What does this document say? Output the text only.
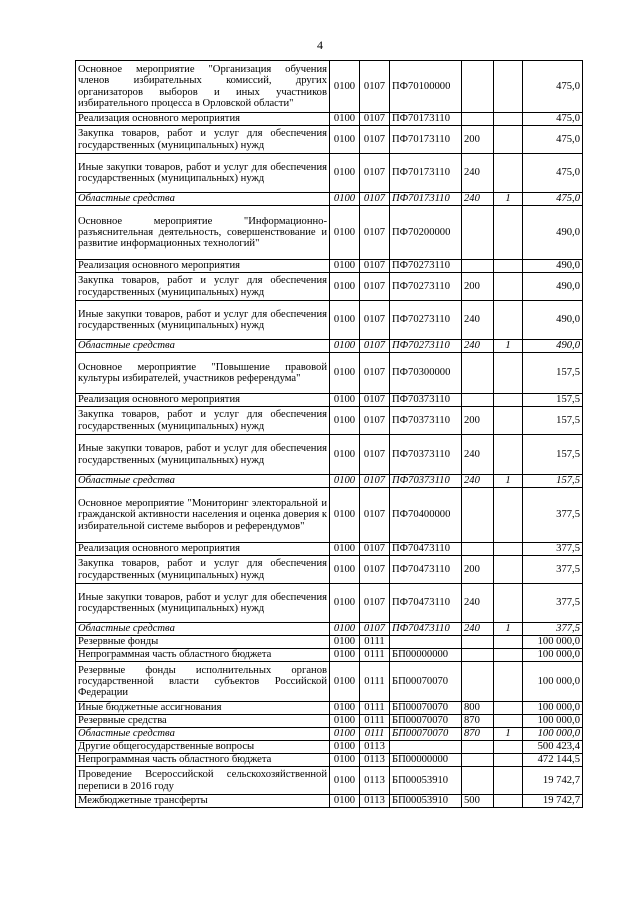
4
Основное мероприятие "Организация обучения членов избирательных комиссий, других организаторов выборов и иных участников избирательного процесса в Орловской области"	0100	0107	ПФ70100000			475,0
Реализация основного мероприятия	0100	0107	ПФ70173110			475,0
Закупка товаров, работ и услуг для обеспечения государственных (муниципальных) нужд	0100	0107	ПФ70173110	200		475,0
Иные закупки товаров, работ и услуг для обеспечения государственных (муниципальных) нужд	0100	0107	ПФ70173110	240		475,0
Областные средства	0100	0107	ПФ70173110	240	1	475,0
Основное мероприятие "Информационно-разъяснительная деятельность, совершенствование и развитие информационных технологий"	0100	0107	ПФ70200000			490,0
Реализация основного мероприятия	0100	0107	ПФ70273110			490,0
Закупка товаров, работ и услуг для обеспечения государственных (муниципальных) нужд	0100	0107	ПФ70273110	200		490,0
Иные закупки товаров, работ и услуг для обеспечения государственных (муниципальных) нужд	0100	0107	ПФ70273110	240		490,0
Областные средства	0100	0107	ПФ70273110	240	1	490,0
Основное мероприятие "Повышение правовой культуры избирателей, участников референдума"	0100	0107	ПФ70300000			157,5
Реализация основного мероприятия	0100	0107	ПФ70373110			157,5
Закупка товаров, работ и услуг для обеспечения государственных (муниципальных) нужд	0100	0107	ПФ70373110	200		157,5
Иные закупки товаров, работ и услуг для обеспечения государственных (муниципальных) нужд	0100	0107	ПФ70373110	240		157,5
Областные средства	0100	0107	ПФ70373110	240	1	157,5
Основное мероприятие "Мониторинг электоральной и гражданской активности населения и оценка доверия к избирательной системе выборов и референдумов"	0100	0107	ПФ70400000			377,5
Реализация основного мероприятия	0100	0107	ПФ70473110			377,5
Закупка товаров, работ и услуг для обеспечения государственных (муниципальных) нужд	0100	0107	ПФ70473110	200		377,5
Иные закупки товаров, работ и услуг для обеспечения государственных (муниципальных) нужд	0100	0107	ПФ70473110	240		377,5
Областные средства	0100	0107	ПФ70473110	240	1	377,5
Резервные фонды	0100	0111				100 000,0
Непрограммная часть областного бюджета	0100	0111	БП00000000			100 000,0
Резервные фонды исполнительных органов государственной власти субъектов Российской Федерации	0100	0111	БП00070070			100 000,0
Иные бюджетные ассигнования	0100	0111	БП00070070	800		100 000,0
Резервные средства	0100	0111	БП00070070	870		100 000,0
Областные средства	0100	0111	БП00070070	870	1	100 000,0
Другие общегосударственные вопросы	0100	0113				500 423,4
Непрограммная часть областного бюджета	0100	0113	БП00000000			472 144,5
Проведение Всероссийской сельскохозяйственной переписи в 2016 году	0100	0113	БП00053910			19 742,7
Межбюджетные трансферты	0100	0113	БП00053910	500		19 742,7
